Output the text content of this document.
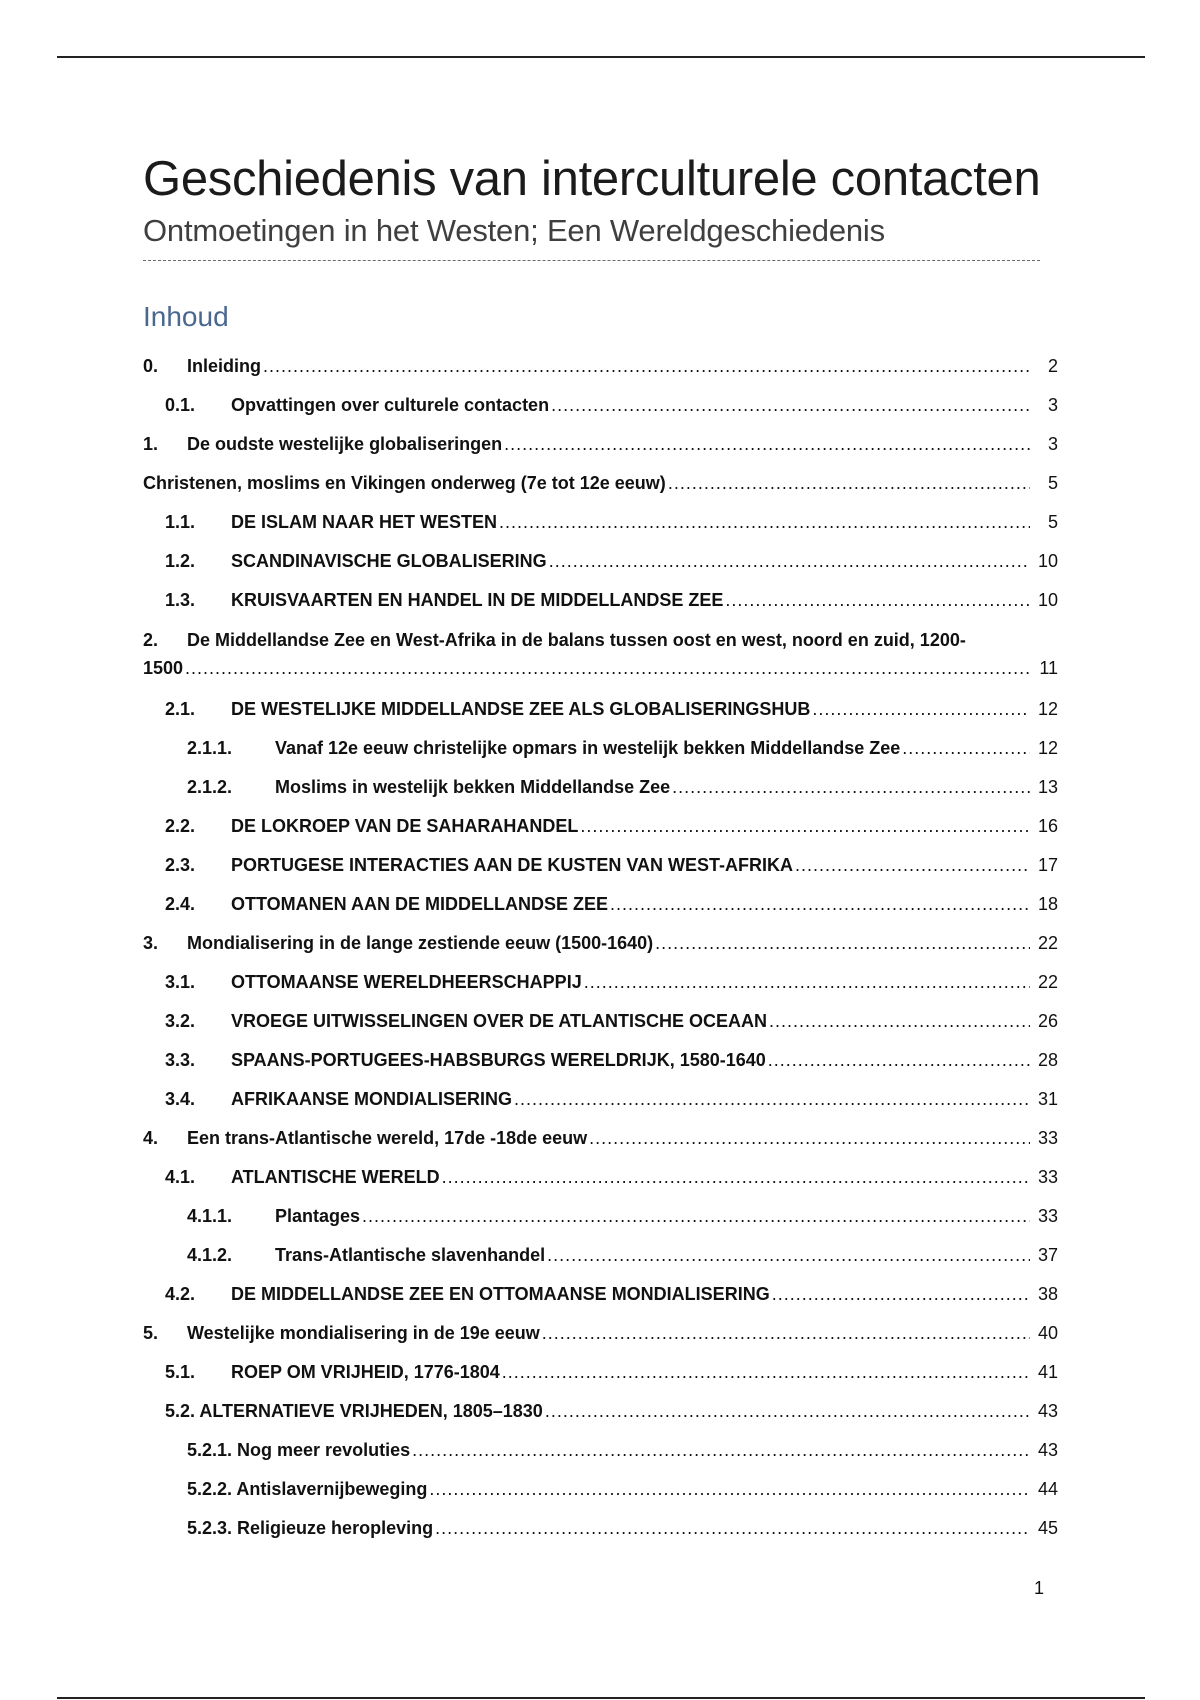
Geschiedenis van interculturele contacten
Ontmoetingen in het Westen; Een Wereldgeschiedenis
Inhoud
0.	Inleiding .....	2
0.1.	Opvattingen over culturele contacten .....	3
1.	De oudste westelijke globaliseringen .....	3
Christenen, moslims en Vikingen onderweg (7e tot 12e eeuw) .....	5
1.1.	DE ISLAM NAAR HET WESTEN .....	5
1.2.	SCANDINAVISCHE GLOBALISERING .....	10
1.3.	KRUISVAARTEN EN HANDEL IN DE MIDDELLANDSE ZEE .....	10
2.	De Middellandse Zee en West-Afrika in de balans tussen oost en west, noord en zuid, 1200-
1500 .....	11
2.1.	DE WESTELIJKE MIDDELLANDSE ZEE ALS GLOBALISERINGSHUB .....	12
2.1.1.	Vanaf 12e eeuw christelijke opmars in westelijk bekken Middellandse Zee .....	12
2.1.2.	Moslims in westelijk bekken Middellandse Zee .....	13
2.2.	DE LOKROEP VAN DE SAHARAHANDEL .....	16
2.3.	PORTUGESE INTERACTIES AAN DE KUSTEN VAN WEST-AFRIKA .....	17
2.4.	OTTOMANEN AAN DE MIDDELLANDSE ZEE .....	18
3.	Mondialisering in de lange zestiende eeuw (1500-1640) .....	22
3.1.	OTTOMAANSE WERELDHEERSCHAPPIJ .....	22
3.2.	VROEGE UITWISSELINGEN OVER DE ATLANTISCHE OCEAAN .....	26
3.3.	SPAANS-PORTUGEES-HABSBURGS WERELDRIJK, 1580-1640 .....	28
3.4.	AFRIKAANSE MONDIALISERING .....	31
4.	Een trans-Atlantische wereld, 17de -18de eeuw .....	33
4.1.	ATLANTISCHE WERELD .....	33
4.1.1.	Plantages .....	33
4.1.2.	Trans-Atlantische slavenhandel .....	37
4.2.	DE MIDDELLANDSE ZEE EN OTTOMAANSE MONDIALISERING .....	38
5.	Westelijke mondialisering in de 19e eeuw .....	40
5.1.	ROEP OM VRIJHEID, 1776-1804 .....	41
5.2. ALTERNATIEVE VRIJHEDEN, 1805–1830 .....	43
5.2.1. Nog meer revoluties .....	43
5.2.2. Antislavernijbeweging .....	44
5.2.3. Religieuze heropleving .....	45
1
